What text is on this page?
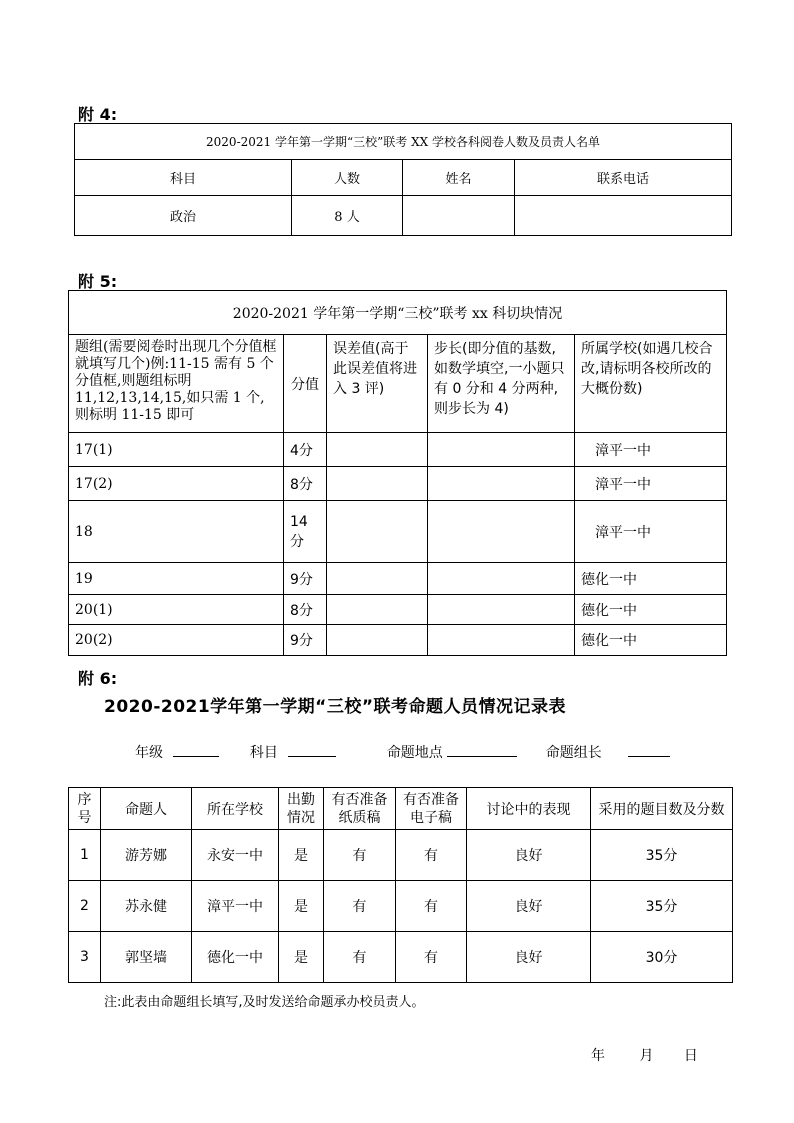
附 4:
2020-2021 学年第一学期“三校”联考 XX 学校各科阅卷人数及员责人名单			
科目	人数	姓名	联系电话
政治	8 人		
附 5:
2020-2021 学年第一学期“三校”联考 xx 科切块情况				
题组(需要阅卷时出现几个分值框就填写几个)例:11-15 需有 5 个分值框,则题组标明 11,12,13,14,15,如只需 1 个,则标明 11-15 即可	分值	误差值(高于此误差值将进入 3 评)	步长(即分值的基数,如数学填空,一小题只有 0 分和 4 分两种,则步长为 4)	所属学校(如遇几校合改,请标明各校所改的大概份数)
17(1)	4分			漳平一中
17(2)	8分			漳平一中
18	14分			漳平一中
19	9分			德化一中
20(1)	8分			德化一中
20(2)	9分			德化一中
附 6:
2020-2021学年第一学期“三校”联考命题人员情况记录表
年级	科目	命题地点	命题组长
序号	命题人	所在学校	出勤情况	有否准备纸质稿	有否准备电子稿	讨论中的表现	采用的题目数及分数
1	游芳娜	永安一中	是	有	有	良好	35分
2	苏永健	漳平一中	是	有	有	良好	35分
3	郭坚墙	德化一中	是	有	有	良好	30分
注:此表由命题组长填写,及时发送给命题承办校员责人。
年 月 日
